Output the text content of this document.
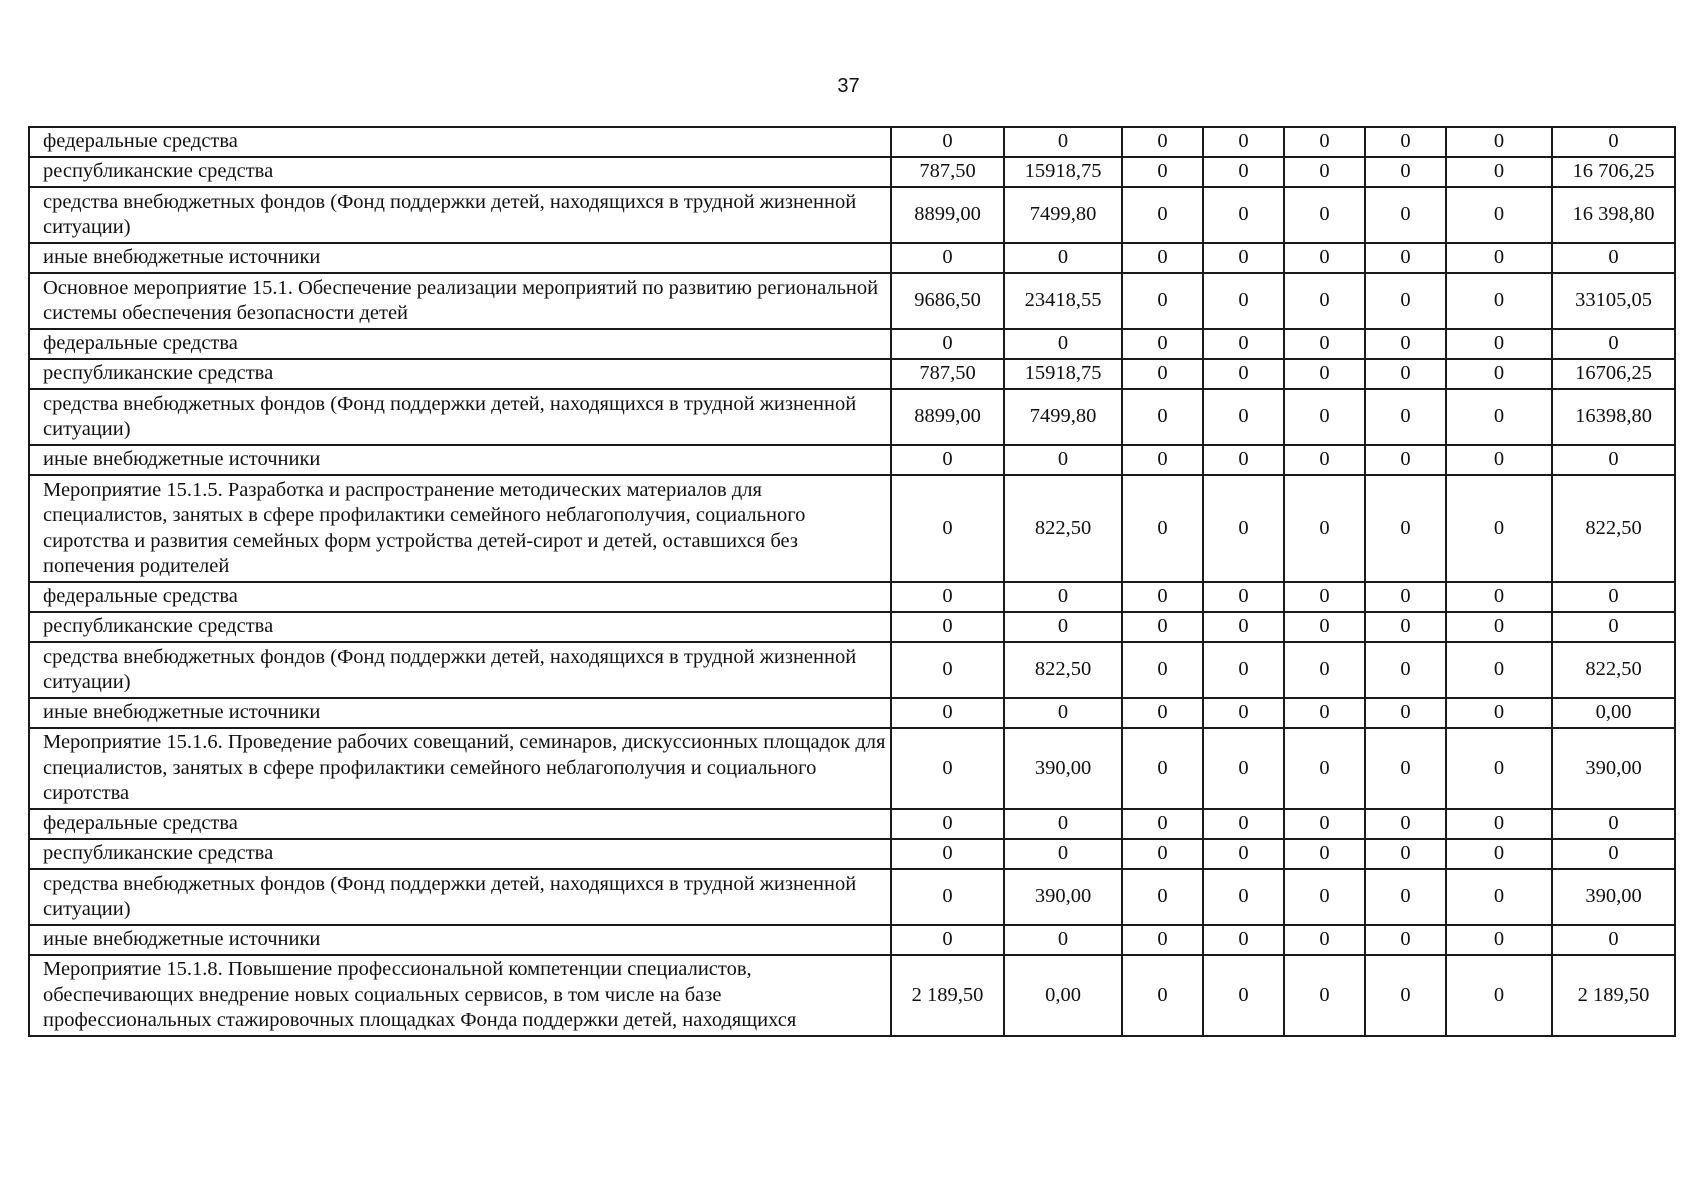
37
федеральные средства	0	0	0	0	0	0	0	0
республиканские средства	787,50	15918,75	0	0	0	0	0	16 706,25
средства внебюджетных фондов (Фонд поддержки детей, находящихся в трудной жизненной ситуации)	8899,00	7499,80	0	0	0	0	0	16 398,80
иные внебюджетные источники	0	0	0	0	0	0	0	0
Основное мероприятие 15.1. Обеспечение реализации мероприятий по развитию региональной системы обеспечения безопасности детей	9686,50	23418,55	0	0	0	0	0	33105,05
федеральные средства	0	0	0	0	0	0	0	0
республиканские средства	787,50	15918,75	0	0	0	0	0	16706,25
средства внебюджетных фондов (Фонд поддержки детей, находящихся в трудной жизненной ситуации)	8899,00	7499,80	0	0	0	0	0	16398,80
иные внебюджетные источники	0	0	0	0	0	0	0	0
Мероприятие 15.1.5. Разработка и распространение методических материалов для специалистов, занятых в сфере профилактики семейного неблагополучия, социального сиротства и развития семейных форм устройства детей-сирот и детей, оставшихся без попечения родителей	0	822,50	0	0	0	0	0	822,50
федеральные средства	0	0	0	0	0	0	0	0
республиканские средства	0	0	0	0	0	0	0	0
средства внебюджетных фондов (Фонд поддержки детей, находящихся в трудной жизненной ситуации)	0	822,50	0	0	0	0	0	822,50
иные внебюджетные источники	0	0	0	0	0	0	0	0,00
Мероприятие 15.1.6. Проведение рабочих совещаний, семинаров, дискуссионных площадок для специалистов, занятых в сфере профилактики семейного неблагополучия и социального сиротства	0	390,00	0	0	0	0	0	390,00
федеральные средства	0	0	0	0	0	0	0	0
республиканские средства	0	0	0	0	0	0	0	0
средства внебюджетных фондов (Фонд поддержки детей, находящихся в трудной жизненной ситуации)	0	390,00	0	0	0	0	0	390,00
иные внебюджетные источники	0	0	0	0	0	0	0	0
Мероприятие 15.1.8. Повышение профессиональной компетенции специалистов, обеспечивающих внедрение новых социальных сервисов, в том числе на базе профессиональных стажировочных площадках Фонда поддержки детей, находящихся	2 189,50	0,00	0	0	0	0	0	2 189,50
